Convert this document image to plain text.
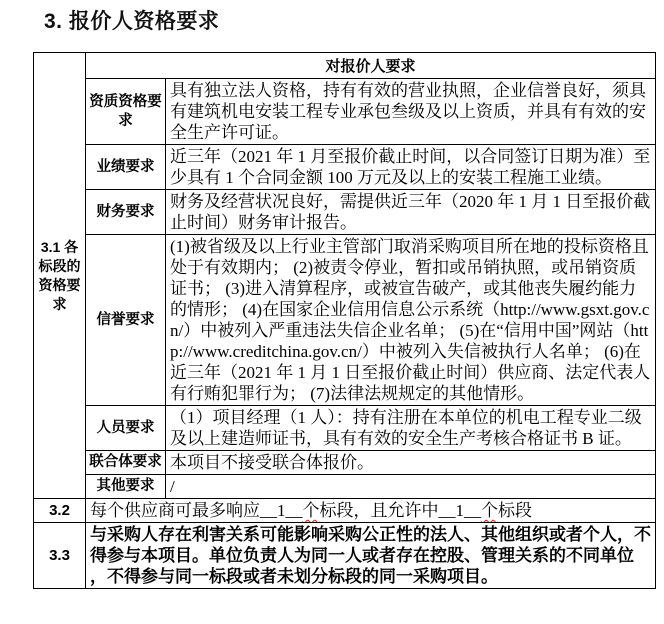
3. 报价人资格要求
3.1 各标段的资格要求	对报价人要求	
	资质资格要求	具有独立法人资格，持有有效的营业执照，企业信誉良好，须具有建筑机电安装工程专业承包叁级及以上资质，并具有有效的安全生产许可证。
	业绩要求	近三年（2021 年 1 月至报价截止时间，以合同签订日期为准）至少具有 1 个合同金额 100 万元及以上的安装工程施工业绩。
	财务要求	财务及经营状况良好，需提供近三年（2020 年 1 月 1 日至报价截止时间）财务审计报告。
	信誉要求	(1)被省级及以上行业主管部门取消采购项目所在地的投标资格且处于有效期内； (2)被责令停业，暂扣或吊销执照，或吊销资质证书； (3)进入清算程序，或被宣告破产，或其他丧失履约能力的情形； (4)在国家企业信用信息公示系统（http://www.gsxt.gov.cn/）中被列入严重违法失信企业名单； (5)在“信用中国”网站（http://www.creditchina.gov.cn/）中被列入失信被执行人名单； (6)在近三年（2021 年 1 月 1 日至报价截止时间）供应商、法定代表人有行贿犯罪行为； (7)法律法规规定的其他情形。
	人员要求	（1）项目经理（1 人）：持有注册在本单位的机电工程专业二级及以上建造师证书，具有有效的安全生产考核合格证书 B 证。
	联合体要求	本项目不接受联合体报价。
	其他要求	/
3.2	每个供应商可最多响应__1__个标段，且允许中__1__个标段	
3.3	与采购人存在利害关系可能影响采购公正性的法人、其他组织或者个人，不得参与本项目。单位负责人为同一人或者存在控股、管理关系的不同单位 ，不得参与同一标段或者未划分标段的同一采购项目。	
